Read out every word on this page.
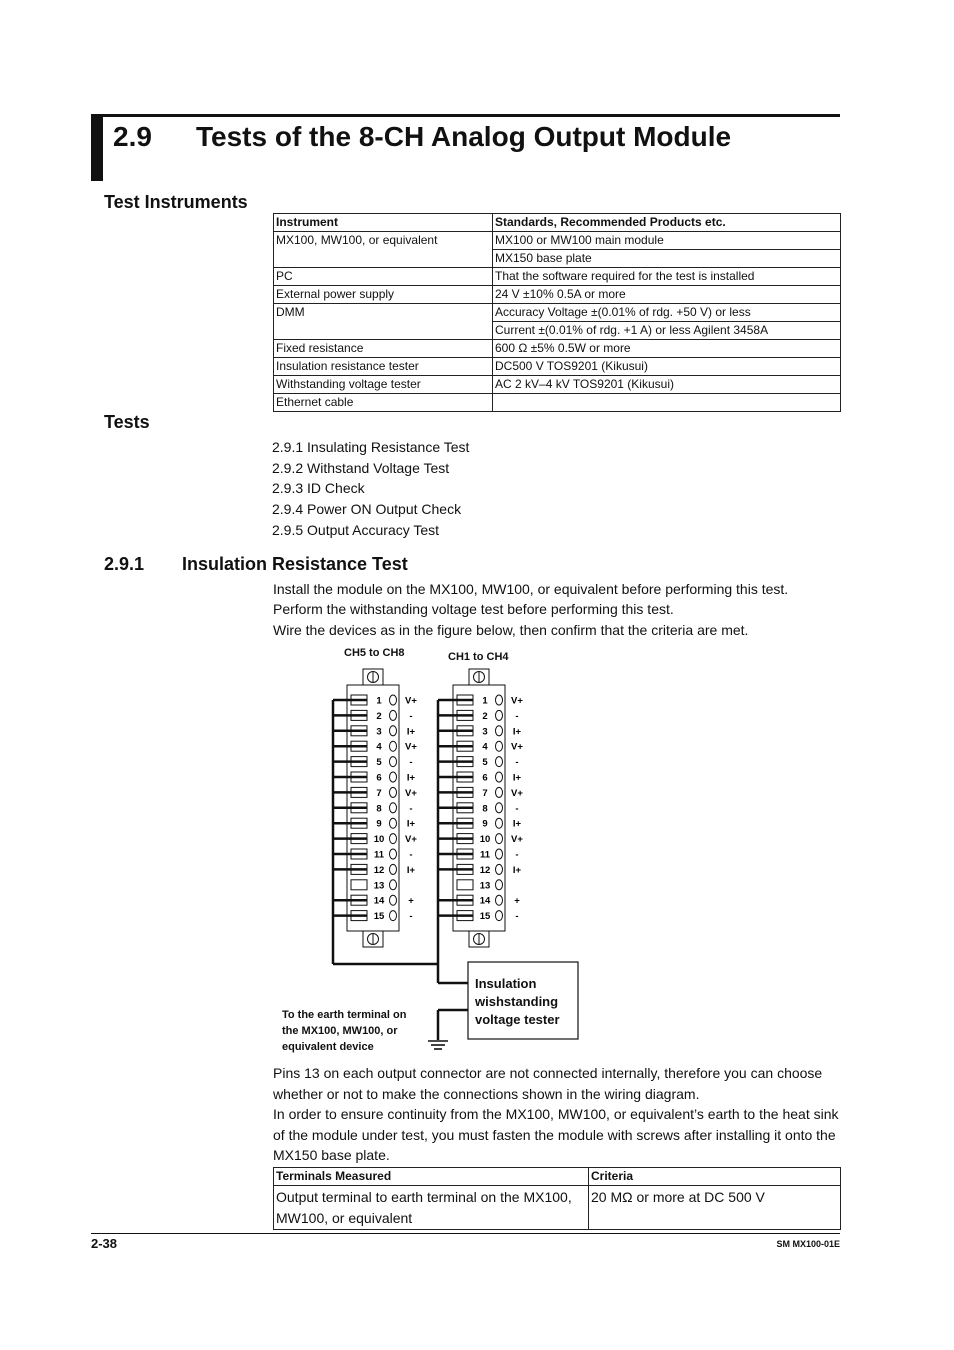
2.9 Tests of the 8-CH Analog Output Module
Test Instruments
Instrument	Standards, Recommended Products etc.
MX100, MW100, or equivalent	MX100 or MW100 main module
	MX150 base plate
PC	That the software required for the test is installed
External power supply	24 V ±10% 0.5A or more
DMM	Accuracy Voltage ±(0.01% of rdg. +50 V) or less
	Current ±(0.01% of rdg. +1 A) or less Agilent 3458A
Fixed resistance	600 Ω ±5% 0.5W or more
Insulation resistance tester	DC500 V TOS9201 (Kikusui)
Withstanding voltage tester	AC 2 kV–4 kV TOS9201 (Kikusui)
Ethernet cable	
Tests
2.9.1 Insulating Resistance Test
2.9.2 Withstand Voltage Test
2.9.3 ID Check
2.9.4 Power ON Output Check
2.9.5 Output Accuracy Test
2.9.1 Insulation Resistance Test

Install the module on the MX100, MW100, or equivalent before performing this test.

Perform the withstanding voltage test before performing this test.

Wire the devices as in the figure below, then confirm that the criteria are met.

CH5 to CH8	CH1 to CH4
1 V+
2	-
3	I+
4 V+
5	-
6	I+
7 V+
8	-
9	I+
10 V+
11	-
12 I+
13
14	+
15	-
1 V+
2	-
3	I+
4 V+
5	-
6	I+
7 V+
8	-
9	I+
10 V+
11	-
12 I+
13
14	+
15	-
Insulation
wishstanding
voltage tester
To the earth terminal on
the MX100, MW100, or
equivalent device

Pins 13 on each output connector are not connected internally, therefore you can choose whether or not to make the connections shown in the wiring diagram.

In order to ensure continuity from the MX100, MW100, or equivalent’s earth to the heat sink of the module under test, you must fasten the module with screws after installing it onto the MX150 base plate.

Terminals Measured	Criteria
Output terminal to earth terminal on the MX100, MW100, or equivalent	20 MΩ or more at DC 500 V
2-38	SM MX100-01E
